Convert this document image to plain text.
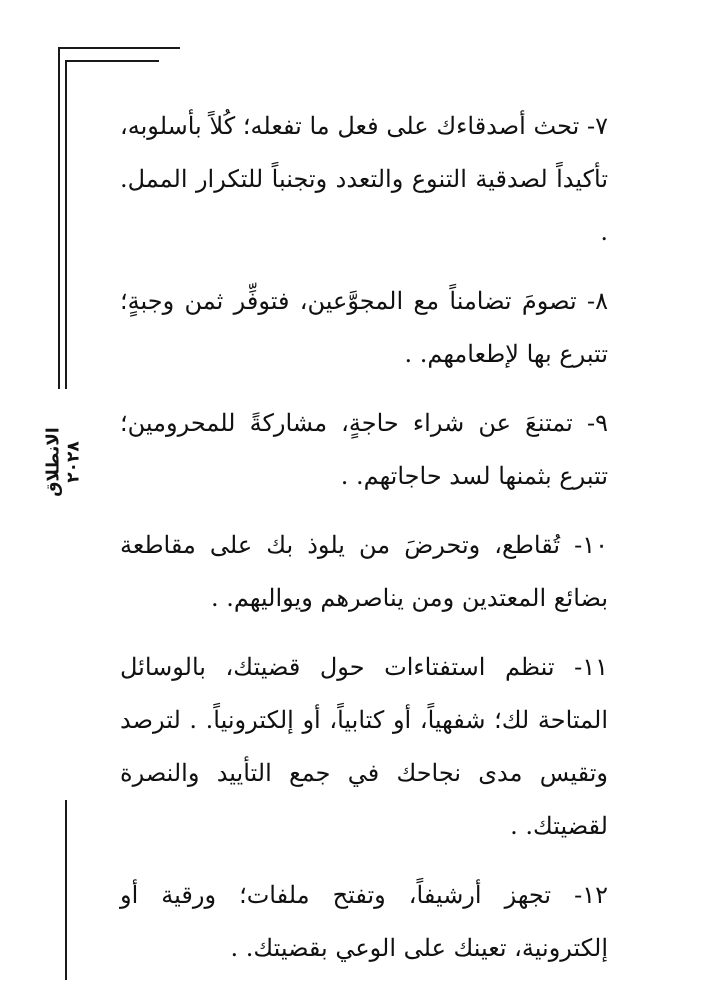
الانطلاق ٢٠٢٨

٧- تحث أصدقاءك على فعل ما تفعله؛ كُلاً بأسلوبه، تأكيداً لصدقية التنوع والتعدد وتجنباً للتكرار الممل. .

٨- تصومَ تضامناً مع المجوَّعين، فتوفِّر ثمن وجبةٍ؛ تتبرع بها لإطعامهم. .

٩- تمتنعَ عن شراء حاجةٍ، مشاركةً للمحرومين؛ تتبرع بثمنها لسد حاجاتهم. .

١٠- تُقاطع، وتحرضَ من يلوذ بك على مقاطعة بضائع المعتدين ومن يناصرهم ويواليهم. .

١١- تنظم استفتاءات حول قضيتك، بالوسائل المتاحة لك؛ شفهياً، أو كتابياً، أو إلكترونياً. . لترصد وتقيس مدى نجاحك في جمع التأييد والنصرة لقضيتك. .

١٢- تجهز أرشيفاً، وتفتح ملفات؛ ورقية أو إلكترونية، تعينك على الوعي بقضيتك. .
